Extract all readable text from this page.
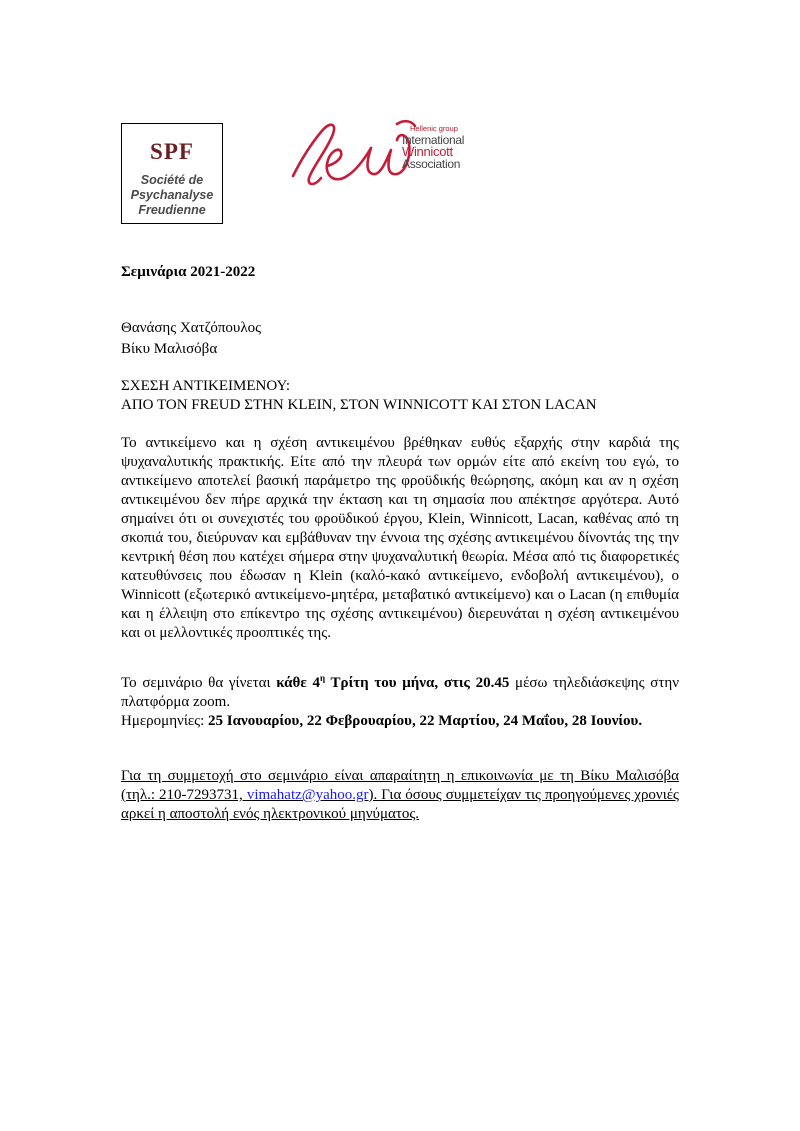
SPF
Société de
Psychanalyse
Freudienne
Hellenic group
International
Winnicott
Association
Σεμινάρια 2021-2022
Θανάσης Χατζόπουλος
Βίκυ Μαλισόβα
ΣΧΕΣΗ ΑΝΤΙΚΕΙΜΕΝΟΥ:
ΑΠΟ ΤΟΝ FREUD ΣΤΗΝ KLEIN, ΣΤΟΝ WINNICOTT ΚΑΙ ΣΤΟΝ LACAN
Το αντικείμενο και η σχέση αντικειμένου βρέθηκαν ευθύς εξαρχής στην καρδιά της ψυχαναλυτικής πρακτικής. Είτε από την πλευρά των ορμών είτε από εκείνη του εγώ, το αντικείμενο αποτελεί βασική παράμετρο της φροϋδικής θεώρησης, ακόμη και αν η σχέση αντικειμένου δεν πήρε αρχικά την έκταση και τη σημασία που απέκτησε αργότερα. Αυτό σημαίνει ότι οι συνεχιστές του φροϋδικού έργου, Klein, Winnicott, Lacan, καθένας από τη σκοπιά του, διεύρυναν και εμβάθυναν την έννοια της σχέσης αντικειμένου δίνοντάς της την κεντρική θέση που κατέχει σήμερα στην ψυχαναλυτική θεωρία. Μέσα από τις διαφορετικές κατευθύνσεις που έδωσαν η Klein (καλό-κακό αντικείμενο, ενδοβολή αντικειμένου), ο Winnicott (εξωτερικό αντικείμενο-μητέρα, μεταβατικό αντικείμενο) και ο Lacan (η επιθυμία και η έλλειψη στο επίκεντρο της σχέσης αντικειμένου) διερευνάται η σχέση αντικειμένου και οι μελλοντικές προοπτικές της.
Το σεμινάριο θα γίνεται κάθε $4^\eta$ Τρίτη του μήνα, στις 20.45 μέσω τηλεδιάσκεψης στην πλατφόρμα zoom.
Ημερομηνίες: 25 Ιανουαρίου, 22 Φεβρουαρίου, 22 Μαρτίου, 24 Μαΐου, 28 Ιουνίου.
Για τη συμμετοχή στο σεμινάριο είναι απαραίτητη η επικοινωνία με τη Βίκυ Μαλισόβα (τηλ.: 210-7293731, vimahatz@yahoo.gr). Για όσους συμμετείχαν τις προηγούμενες χρονιές αρκεί η αποστολή ενός ηλεκτρονικού μηνύματος.
